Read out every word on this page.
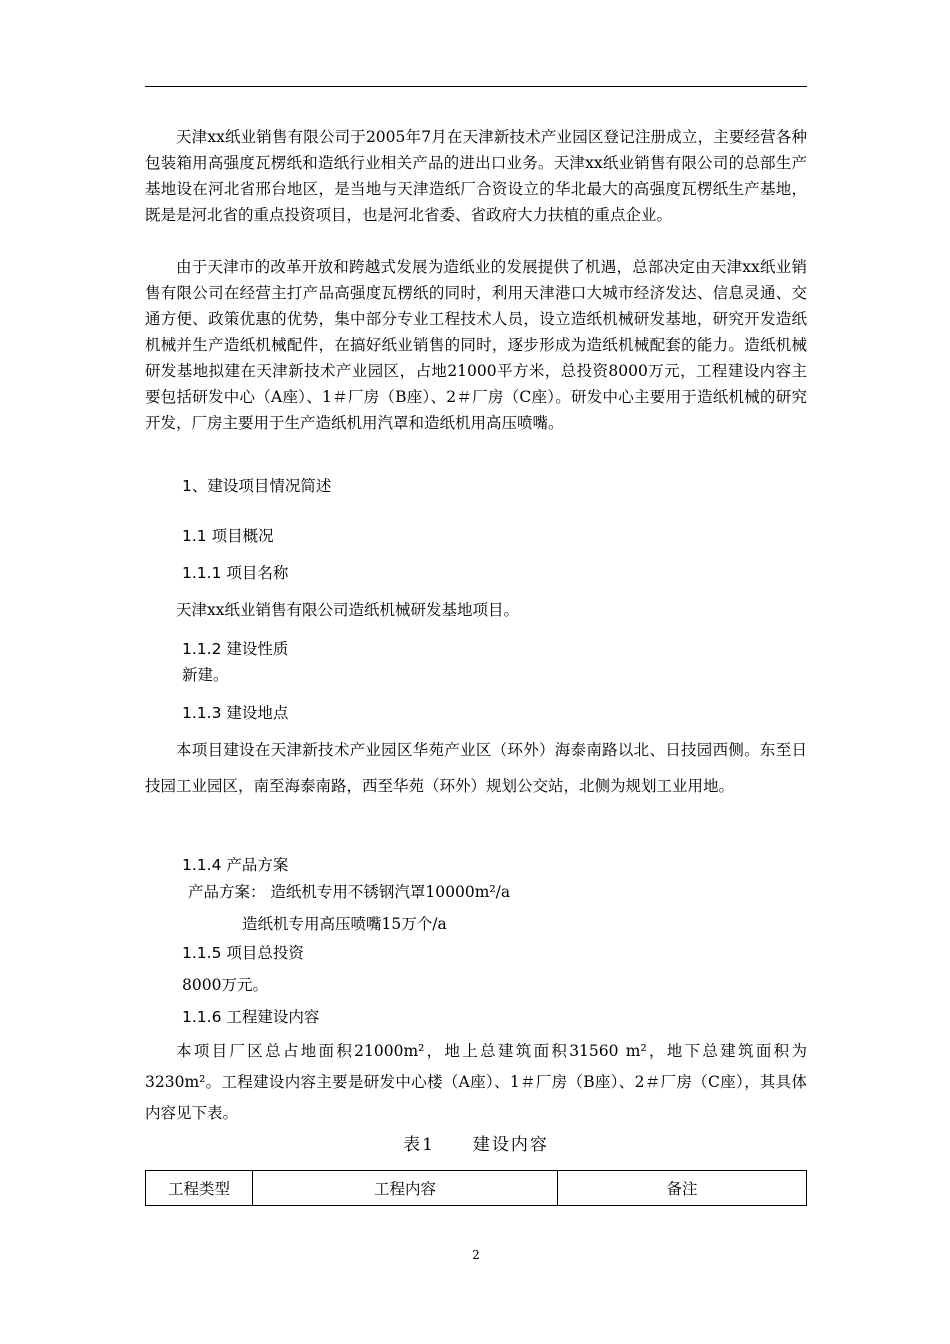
天津xx纸业销售有限公司于2005年7月在天津新技术产业园区登记注册成立，主要经营各种包装箱用高强度瓦楞纸和造纸行业相关产品的进出口业务。天津xx纸业销售有限公司的总部生产基地设在河北省邢台地区，是当地与天津造纸厂合资设立的华北最大的高强度瓦楞纸生产基地，既是是河北省的重点投资项目，也是河北省委、省政府大力扶植的重点企业。

由于天津市的改革开放和跨越式发展为造纸业的发展提供了机遇，总部决定由天津xx纸业销售有限公司在经营主打产品高强度瓦楞纸的同时，利用天津港口大城市经济发达、信息灵通、交通方便、政策优惠的优势，集中部分专业工程技术人员，设立造纸机械研发基地，研究开发造纸机械并生产造纸机械配件，在搞好纸业销售的同时，逐步形成为造纸机械配套的能力。造纸机械研发基地拟建在天津新技术产业园区，占地21000平方米，总投资8000万元，工程建设内容主要包括研发中心（A座）、1＃厂房（B座）、2＃厂房（C座）。研发中心主要用于造纸机械的研究开发，厂房主要用于生产造纸机用汽罩和造纸机用高压喷嘴。

1、建设项目情况简述
1.1 项目概况
1.1.1 项目名称
天津xx纸业销售有限公司造纸机械研发基地项目。
1.1.2 建设性质
新建。
1.1.3 建设地点

本项目建设在天津新技术产业园区华苑产业区（环外）海泰南路以北、日技园西侧。东至日技园工业园区，南至海泰南路，西至华苑（环外）规划公交站，北侧为规划工业用地。

1.1.4 产品方案
产品方案： 造纸机专用不锈钢汽罩10000m²/a
造纸机专用高压喷嘴15万个/a
1.1.5 项目总投资
8000万元。
1.1.6 工程建设内容

本项目厂区总占地面积21000m²，地上总建筑面积31560 m²，地下总建筑面积为3230m²。工程建设内容主要是研发中心楼（A座）、1＃厂房（B座）、2＃厂房（C座），其具体内容见下表。

表1　　建设内容
工程类型	工程内容	备注
2
